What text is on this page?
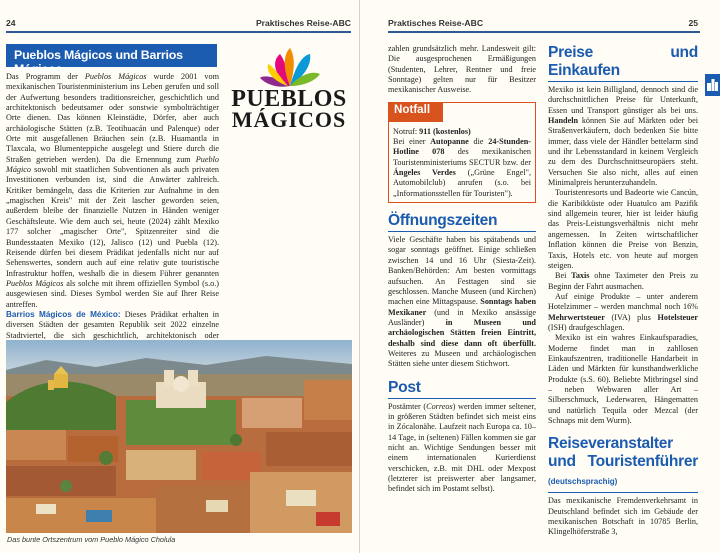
24	Praktisches Reise-ABC
Pueblos Mágicos und Barrios Mágicos
PUEBLOS
MÁGICOS

Das Programm der Pueblos Mágicos wurde 2001 vom mexikanischen Touristenministerium ins Leben gerufen und soll der Aufwertung besonders traditionsreicher, geschichtlich und architektonisch bedeutsamer oder sonstwie symbolträchtiger Orte dienen. Das können Kleinstädte, Dörfer, aber auch archäologische Stätten (z.B. Teotihuacán und Palenque) oder Orte mit ausgefallenen Bräuchen sein (z.B. Huamantla in Tlaxcala, wo Blumenteppiche ausgelegt und Stiere durch die Straßen getrieben werden). Da die Ernennung zum Pueblo Mágico sowohl mit staatlichen Subventionen als auch privaten Investitionen verbunden ist, sind die Anwärter zahlreich. Kritiker bemängeln, dass die Kriterien zur Aufnahme in den „magischen Kreis" mit der Zeit lascher geworden seien, außerdem bleibe der finanzielle Nutzen in Händen weniger Geschäftsleute. Wie dem auch sei, heute (2024) zählt Mexiko 177 solcher „magischer Orte", Spitzenreiter sind die Bundesstaaten Mexiko (12), Jalisco (12) und Puebla (12). Reisende dürfen bei diesem Prädikat jedenfalls nicht nur auf Sehenswertes, sondern auch auf eine relativ gute touristische Infrastruktur hoffen, weshalb die in diesem Führer genannten Pueblos Mágicos als solche mit ihrem offiziellen Symbol (s.o.) ausgewiesen sind. Dieses Symbol werden Sie auf Ihrer Reise antreffen.

Barrios Mágicos de México: Dieses Prädikat erhalten in diversen Städten der gesamten Republik seit 2022 einzelne Stadtviertel, die sich geschichtlich, architektonisch oder

Das bunte Ortszentrum vom Pueblo Mágico Cholula
Praktisches Reise-ABC	25

zahlen grundsätzlich mehr. Landesweit gilt: Die ausgesprochenen Ermäßigungen (Studenten, Lehrer, Rentner und freie Sonntage) gelten nur für Besitzer mexikanischer Ausweise.

Notfall

Notruf: 911 (kostenlos)

Bei einer Autopanne die 24-Stunden-Hotline 078 des mexikanischen Touristenministeriums SECTUR bzw. der Ángeles Verdes („Grüne Engel", Automobilclub) anrufen (s.o. bei „Informationsstellen für Touristen").

Öffnungszeiten

Viele Geschäfte haben bis spätabends und sogar sonntags geöffnet. Einige schließen zwischen 14 und 16 Uhr (Siesta-Zeit). Banken/Behörden: Am besten vormittags aufsuchen. An Festtagen sind sie geschlossen. Manche Museen (und Kirchen) machen eine Mittagspause. Sonntags haben Mexikaner (und in Mexiko ansässige Ausländer) in Museen und archäologischen Stätten freien Eintritt, deshalb sind diese dann oft überfüllt. Weiteres zu Museen und archäologischen Stätten siehe unter diesem Stichwort.

Post

Postämter (Correos) werden immer seltener, in größeren Städten befindet sich meist eins in Zócalonähe. Laufzeit nach Europa ca. 10–14 Tage, in (seltenen) Fällen kommen sie gar nicht an. Wichtige Sendungen besser mit einem internationalen Kurierdienst verschicken, z.B. mit DHL oder Mexpost (letzterer ist preiswerter aber langsamer, befindet sich im Postamt selbst).

Preise und Einkaufen

Mexiko ist kein Billigland, dennoch sind die durchschnittlichen Preise für Unterkunft, Essen und Transport günstiger als bei uns. Handeln können Sie auf Märkten oder bei Straßenverkäufern, doch bedenken Sie bitte immer, dass viele der Händler bettelarm sind und ihr Lebensstandard in keinem Vergleich zu dem des Durchschnittseuropäers steht. Versuchen Sie also nicht, alles auf einen Minimalpreis herunterzuhandeln.

Touristenresorts und Badeorte wie Cancún, die Karibikküste oder Huatulco am Pazifik sind allgemein teurer, hier ist leider häufig das Preis-Leistungsverhältnis nicht mehr angemessen. In Zeiten wirtschaftlicher Inflation können die Preise von Benzin, Taxis, Hotels etc. von heute auf morgen steigen.

Bei Taxis ohne Taximeter den Preis zu Beginn der Fahrt ausmachen.

Auf einige Produkte – unter anderem Hotelzimmer – werden manchmal noch 16% Mehrwertsteuer (IVA) plus Hotelsteuer (ISH) draufgeschlagen.

Mexiko ist ein wahres Einkaufsparadies, Moderne findet man in zahllosen Einkaufszentren, traditionelle Handarbeit in Läden und Märkten für kunsthandwerkliche Produkte (s.S. 60). Beliebte Mitbringsel sind – neben Webwaren aller Art – Silberschmuck, Lederwaren, Hängematten und natürlich Tequila oder Mezcal (der Schnaps mit dem Wurm).

Reiseveranstalter und Touristenführer (deutschsprachig)

Das mexikanische Fremdenverkehrsamt in Deutschland befindet sich im Gebäude der mexikanischen Botschaft in 10785 Berlin, Klingelhöferstraße 3,
